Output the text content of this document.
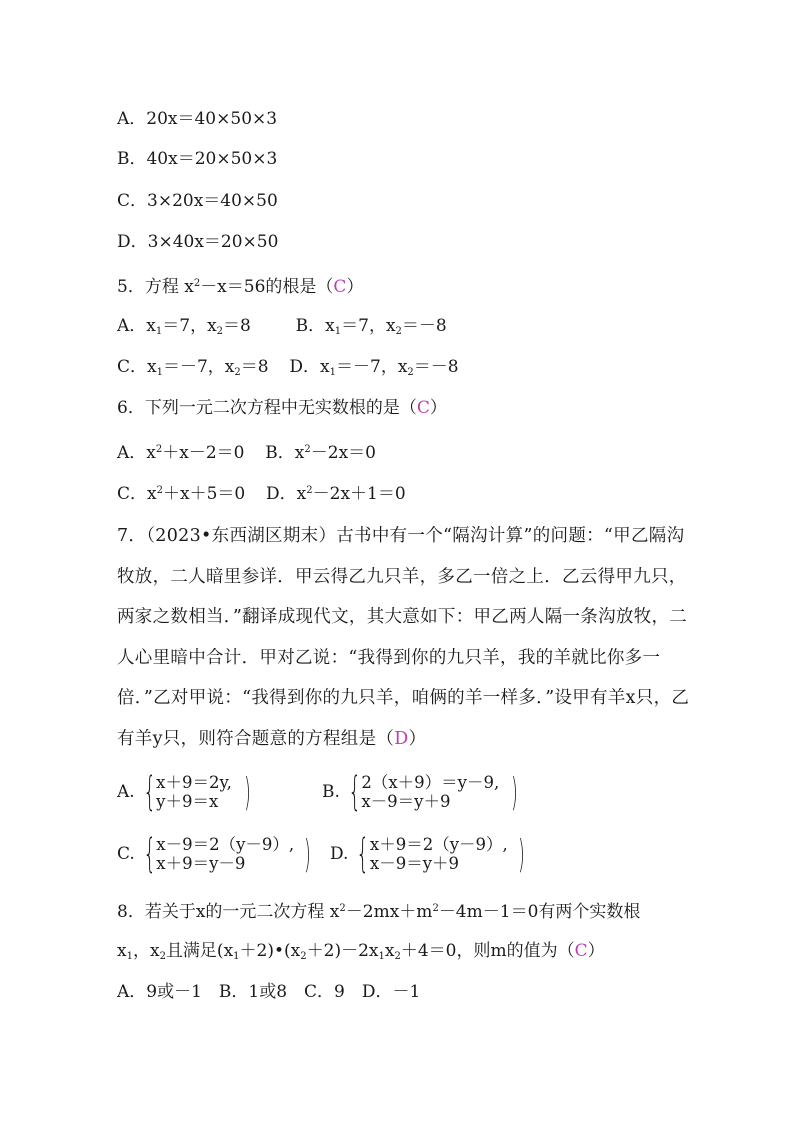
A．20x＝40×50×3
B．40x＝20×50×3
C．3×20x＝40×50
D．3×40x＝20×50
5．方程 $x^2-x=56$的根是（C）
A．$x_1=7$，$x_2=8$	B．$x_1=7$，$x_2=-8$
C．$x_1=-7$，$x_2=8$ D．$x_1=-7$，$x_2=-8$
6．下列一元二次方程中无实数根的是（C）
A．$x^2+x-2=0$ B．$x^2-2x=0$
C．$x^2+x+5=0$ D．$x^2-2x+1=0$
7．（2023•东西湖区期末）古书中有一个“隔沟计算”的问题：“甲乙隔沟牧放，二人暗里参详．甲云得乙九只羊，多乙一倍之上．乙云得甲九只，两家之数相当．”翻译成现代文，其大意如下：甲乙两人隔一条沟放牧，二人心里暗中合计．甲对乙说：“我得到你的九只羊，我的羊就比你多一倍．”乙对甲说：“我得到你的九只羊，咱俩的羊一样多．”设甲有羊x只，乙有羊y只，则符合题意的方程组是（D）
A. { x＋9＝2y,
y＋9＝x )	B. { 2（x＋9）＝y－9,
x－9＝y＋9	)
C. { x－9＝2（y－9）,
x＋9＝y－9	) D. { x＋9＝2（y－9）,
x－9＝y＋9	)
8．若关于x的一元二次方程 $x^2-2mx+m^2-4m-1=0$有两个实数根
$x_1$，$x_2$且满足$(x_1+2)•(x_2+2)-2x_1x_2+4=0$，则m的值为（C）
A．9或－1　B．1或8　C．9　D．－1
